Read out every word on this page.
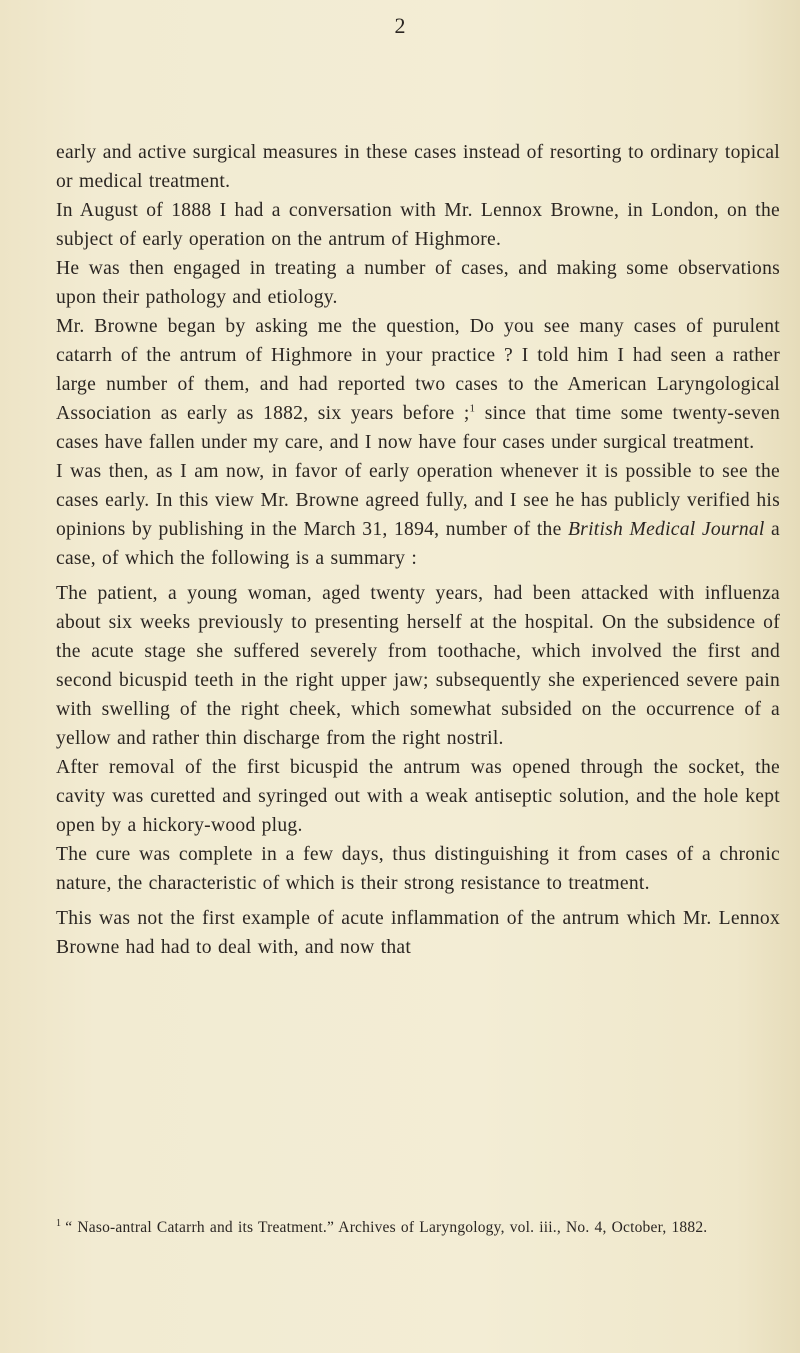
2

early and active surgical measures in these cases instead of resorting to ordinary topical or medical treatment.

In August of 1888 I had a conversation with Mr. Lennox Browne, in London, on the subject of early operation on the antrum of Highmore.

He was then engaged in treating a number of cases, and making some observations upon their pathology and etiology.

Mr. Browne began by asking me the question, Do you see many cases of purulent catarrh of the antrum of Highmore in your practice ? I told him I had seen a rather large number of them, and had reported two cases to the American Laryngological Association as early as 1882, six years before ;$^1$ since that time some twenty-seven cases have fallen under my care, and I now have four cases under surgical treatment.

I was then, as I am now, in favor of early operation whenever it is possible to see the cases early. In this view Mr. Browne agreed fully, and I see he has publicly verified his opinions by publishing in the March 31, 1894, number of the British Medical Journal a case, of which the following is a summary :

The patient, a young woman, aged twenty years, had been attacked with influenza about six weeks previously to presenting herself at the hospital. On the subsidence of the acute stage she suffered severely from toothache, which involved the first and second bicuspid teeth in the right upper jaw; subsequently she experienced severe pain with swelling of the right cheek, which somewhat subsided on the occurrence of a yellow and rather thin discharge from the right nostril.

After removal of the first bicuspid the antrum was opened through the socket, the cavity was curetted and syringed out with a weak antiseptic solution, and the hole kept open by a hickory-wood plug.

The cure was complete in a few days, thus distinguishing it from cases of a chronic nature, the characteristic of which is their strong resistance to treatment.

This was not the first example of acute inflammation of the antrum which Mr. Lennox Browne had had to deal with, and now that

$^1$ “ Naso-antral Catarrh and its Treatment.” Archives of Laryngology, vol. iii., No. 4, October, 1882.
